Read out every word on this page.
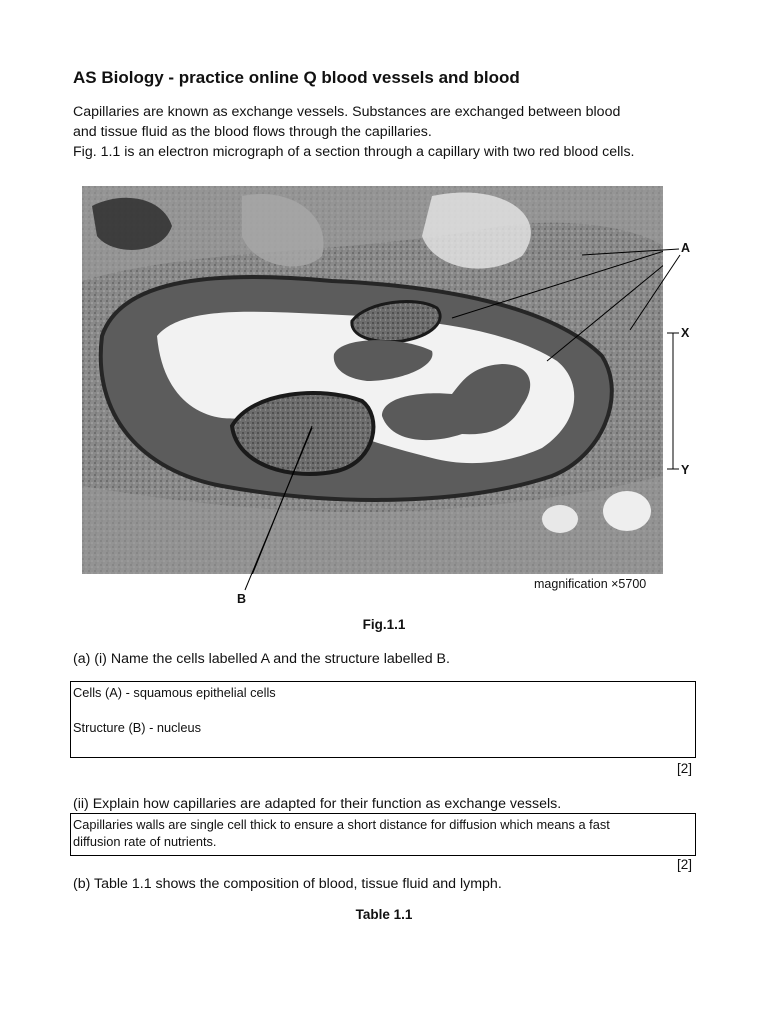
AS Biology - practice online Q blood vessels and blood
Capillaries are known as exchange vessels. Substances are exchanged between blood
and tissue fluid as the blood flows through the capillaries.
Fig. 1.1 is an electron micrograph of a section through a capillary with two red blood cells.
A
X
Y
B
magnification ×5700
Fig.1.1
(a) (i) Name the cells labelled A and the structure labelled B.
Cells (A) - squamous epithelial cells
Structure (B) - nucleus
[2]
(ii) Explain how capillaries are adapted for their function as exchange vessels.
Capillaries walls are single cell thick to ensure a short distance for diffusion which means a fast
diffusion rate of nutrients.
[2]
(b) Table 1.1 shows the composition of blood, tissue fluid and lymph.
Table 1.1
